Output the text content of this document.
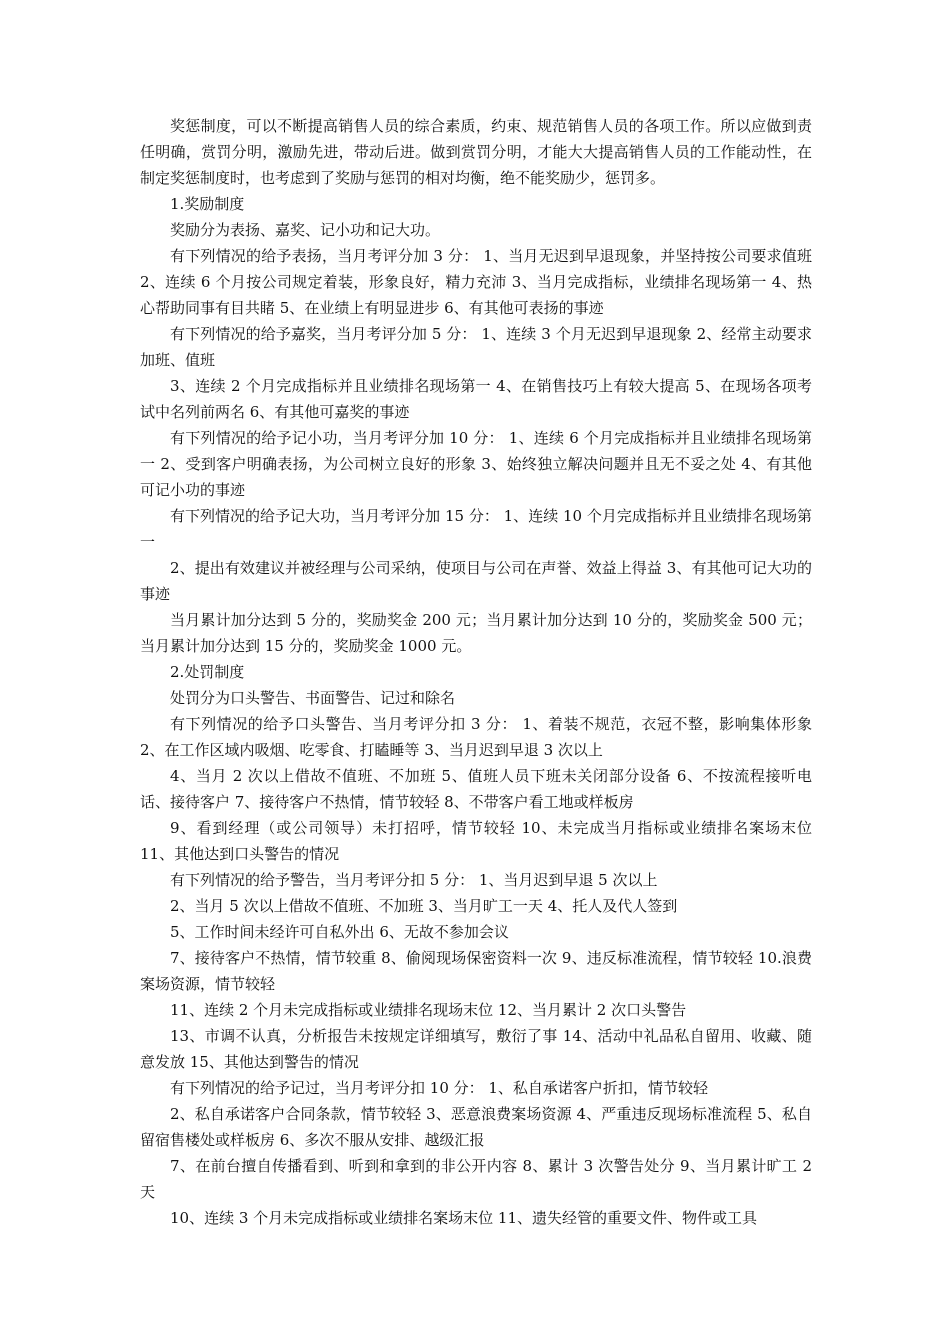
奖惩制度，可以不断提高销售人员的综合素质，约束、规范销售人员的各项工作。所以应做到责任明确，赏罚分明，激励先进，带动后进。做到赏罚分明，才能大大提高销售人员的工作能动性，在制定奖惩制度时，也考虑到了奖励与惩罚的相对均衡，绝不能奖励少，惩罚多。

1.奖励制度

奖励分为表扬、嘉奖、记小功和记大功。

有下列情况的给予表扬，当月考评分加 3 分： 1、当月无迟到早退现象，并坚持按公司要求值班 2、连续 6 个月按公司规定着装，形象良好，精力充沛 3、当月完成指标，业绩排名现场第一 4、热心帮助同事有目共睹 5、在业绩上有明显进步 6、有其他可表扬的事迹

有下列情况的给予嘉奖，当月考评分加 5 分： 1、连续 3 个月无迟到早退现象 2、经常主动要求加班、值班

3、连续 2 个月完成指标并且业绩排名现场第一 4、在销售技巧上有较大提高 5、在现场各项考试中名列前两名 6、有其他可嘉奖的事迹

有下列情况的给予记小功，当月考评分加 10 分： 1、连续 6 个月完成指标并且业绩排名现场第一 2、受到客户明确表扬，为公司树立良好的形象 3、始终独立解决问题并且无不妥之处 4、有其他可记小功的事迹

有下列情况的给予记大功，当月考评分加 15 分： 1、连续 10 个月完成指标并且业绩排名现场第一

2、提出有效建议并被经理与公司采纳，使项目与公司在声誉、效益上得益 3、有其他可记大功的事迹

当月累计加分达到 5 分的，奖励奖金 200 元；当月累计加分达到 10 分的，奖励奖金 500 元；当月累计加分达到 15 分的，奖励奖金 1000 元。

2.处罚制度

处罚分为口头警告、书面警告、记过和除名

有下列情况的给予口头警告、当月考评分扣 3 分： 1、着装不规范，衣冠不整，影响集体形象 2、在工作区域内吸烟、吃零食、打瞌睡等 3、当月迟到早退 3 次以上

4、当月 2 次以上借故不值班、不加班 5、值班人员下班未关闭部分设备 6、不按流程接听电话、接待客户 7、接待客户不热情，情节较轻 8、不带客户看工地或样板房

9、看到经理（或公司领导）未打招呼，情节较轻 10、未完成当月指标或业绩排名案场末位 11、其他达到口头警告的情况

有下列情况的给予警告，当月考评分扣 5 分： 1、当月迟到早退 5 次以上

2、当月 5 次以上借故不值班、不加班 3、当月旷工一天 4、托人及代人签到

5、工作时间未经许可自私外出 6、无故不参加会议

7、接待客户不热情，情节较重 8、偷阅现场保密资料一次 9、违反标准流程，情节较轻 10.浪费案场资源，情节较轻

11、连续 2 个月未完成指标或业绩排名现场末位 12、当月累计 2 次口头警告

13、市调不认真，分析报告未按规定详细填写，敷衍了事 14、活动中礼品私自留用、收藏、随意发放 15、其他达到警告的情况

有下列情况的给予记过，当月考评分扣 10 分： 1、私自承诺客户折扣，情节较轻

2、私自承诺客户合同条款，情节较轻 3、恶意浪费案场资源 4、严重违反现场标准流程 5、私自留宿售楼处或样板房 6、多次不服从安排、越级汇报

7、在前台擅自传播看到、听到和拿到的非公开内容 8、累计 3 次警告处分 9、当月累计旷工 2 天

10、连续 3 个月未完成指标或业绩排名案场末位 11、遗失经管的重要文件、物件或工具
